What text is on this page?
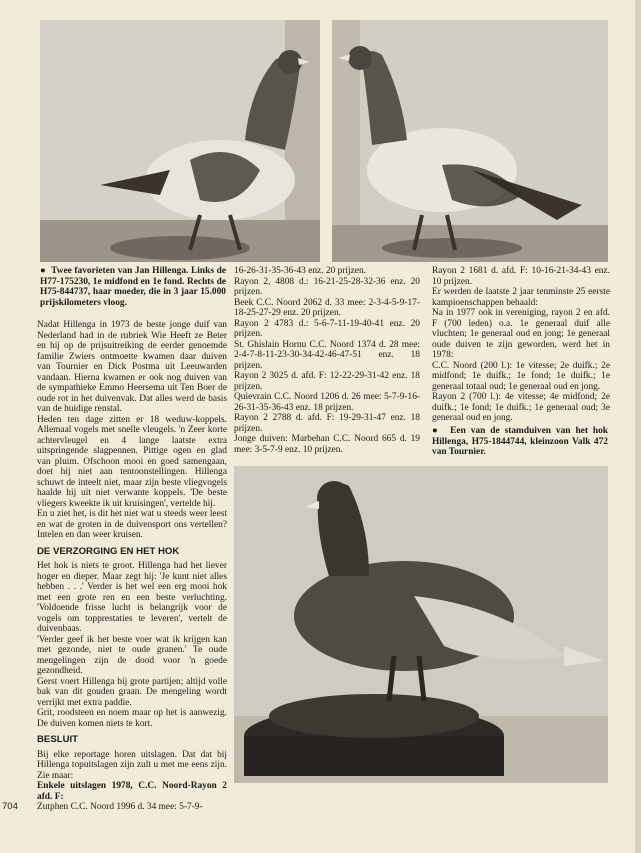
●  Twee favorieten van Jan Hillenga. Links de H77-175230, 1e midfond en 1e fond. Rechts de H75-844737, haar moeder, die in 3 jaar 15.000 prijskilometers vloog.

Nadat Hillenga in 1973 de beste jonge duif van Nederland had in de rubriek Wie Heeft ze Beter en hij op de prijsuitreiking de eerder genoemde familie Zwiers ontmoette kwamen daar duiven van Tournier en Dick Postma uit Leeuwarden vandaan. Hierna kwamen er ook nog duiven van de sympathieke Emmo Heersema uit Ten Boer de oude rot in het duivenvak. Dat alles werd de basis van de huidige renstal.

Heden ten dage zitten er 18 weduw-koppels. Allemaal vogels met snelle vleugels. 'n Zeer korte achtervleugel en 4 lange laatste extra uitspringende slagpennen. Pittige ogen en glad van pluim. Ofschoon mooi en goed samengaan, doet hij niet aan tentoonstellingen. Hillenga schuwt de inteelt niet, maar zijn beste vliegvogels haalde hij uit niet verwante koppels. 'De beste vliegers kweekte ik uit kruisingen', vertelde hij.

En u ziet het, is dit het niet wat u steeds weer leest en wat de groten in de duivensport ons vertellen? Intelen en dan weer kruisen.

DE VERZORGING EN HET HOK

Het hok is niets te groot. Hillenga had het liever hoger en dieper. Maar zegt hij: 'Je kunt niet alles hebben . . .' Verder is het wel een erg mooi hok met een grote ren en een beste verluchting. 'Voldoende frisse lucht is belangrijk voor de vogels om topprestaties te leveren', vertelt de duivenbaas.

'Verder geef ik het beste voer wat ik krijgen kan met gezonde, niet te oude granen.' Te oude mengelingen zijn de dood voor 'n goede gezondheid.

Gerst voert Hillenga bij grote partijen; altijd volle bak van dit gouden graan. De mengeling wordt verrijkt met extra paddie.

Grit, roodsteen en noem maar op het is aanwezig. De duiven komen niets te kort.

BESLUIT

Bij elke reportage horen uitslagen. Dat dat bij Hillenga topuitslagen zijn zult u met me eens zijn. Zie maar:

Enkele uitslagen 1978, C.C. Noord-Rayon 2 afd. F:

Zutphen C.C. Noord 1996 d. 34 mee: 5-7-9-

16-26-31-35-36-43 enz. 20 prijzen.

Rayon 2, 4808 d.: 16-21-25-28-32-36 enz. 20 prijzen.

Beek C.C. Noord 2062 d. 33 mee: 2-3-4-5-9-17-18-25-27-29 enz. 20 prijzen.

Rayon 2 4783 d.: 5-6-7-11-19-40-41 enz. 20 prijzen.

St. Ghislain Hornu C.C. Noord 1374 d. 28 mee: 2-4-7-8-11-23-30-34-42-46-47-51 enz. 18 prijzen.

Rayon 2 3025 d. afd. F: 12-22-29-31-42 enz. 18 prijzen.

Quievrain C.C. Noord 1206 d. 26 mee: 5-7-9-16-26-31-35-36-43 enz. 18 prijzen.

Rayon 2 2788 d. afd. F: 19-29-31-47 enz. 18 prijzen.

Jonge duiven: Marbehan C.C. Noord 665 d. 19 mee: 3-5-7-9 enz. 10 prijzen.

Rayon 2 1681 d. afd. F: 10-16-21-34-43 enz. 10 prijzen.

Er werden de laatste 2 jaar tenminste 25 eerste kampioenschappen behaald:

Na in 1977 ook in vereniging, rayon 2 en afd. F (700 leden) o.a. 1e generaal duif alle vluchten; 1e generaal oud en jong; 1e generaal oude duiven te zijn geworden, werd het in 1978:

C.C. Noord (200 l.): 1e vitesse; 2e duifk.; 2e midfond; 1e duifk.; 1e fond; 1e duifk.; 1e generaal totaal oud; 1e generaal oud en jong.

Rayon 2 (700 l.): 4e vitesse; 4e midfond; 2e duifk.; 1e fond; 1e duifk.; 1e generaal oud; 3e generaal oud en jong.

●  Een van de stamduiven van het hok Hillenga, H75-1844744, kleinzoon Valk 472 van Tournier.
704
